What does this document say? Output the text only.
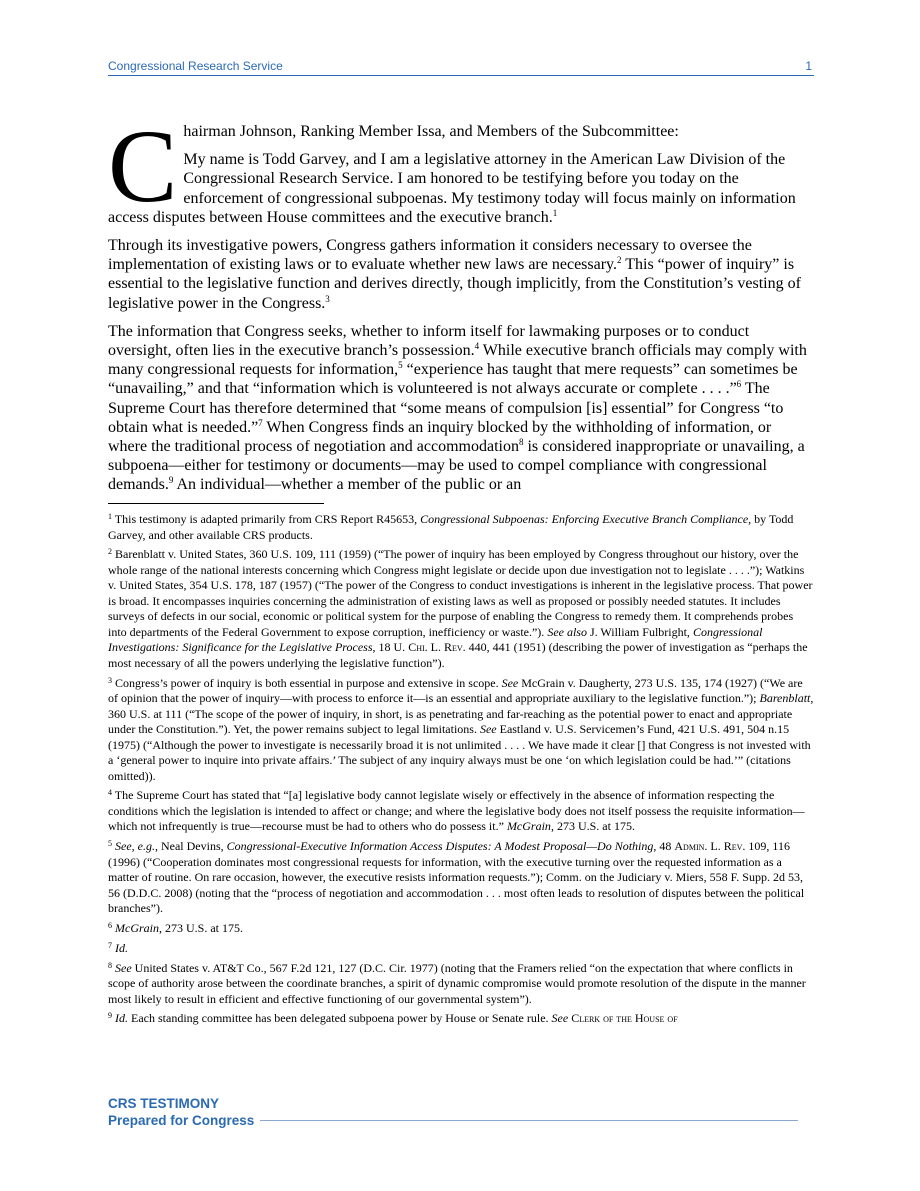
Congressional Research Service	1

Chairman Johnson, Ranking Member Issa, and Members of the Subcommittee:

My name is Todd Garvey, and I am a legislative attorney in the American Law Division of the Congressional Research Service. I am honored to be testifying before you today on the enforcement of congressional subpoenas. My testimony today will focus mainly on information access disputes between House committees and the executive branch.$^1$

Through its investigative powers, Congress gathers information it considers necessary to oversee the implementation of existing laws or to evaluate whether new laws are necessary.$^2$ This “power of inquiry” is essential to the legislative function and derives directly, though implicitly, from the Constitution’s vesting of legislative power in the Congress.$^3$

The information that Congress seeks, whether to inform itself for lawmaking purposes or to conduct oversight, often lies in the executive branch’s possession.$^4$ While executive branch officials may comply with many congressional requests for information,$^5$ “experience has taught that mere requests” can sometimes be “unavailing,” and that “information which is volunteered is not always accurate or complete . . . .”$^6$ The Supreme Court has therefore determined that “some means of compulsion [is] essential” for Congress “to obtain what is needed.”$^7$ When Congress finds an inquiry blocked by the withholding of information, or where the traditional process of negotiation and accommodation$^8$ is considered inappropriate or unavailing, a subpoena—either for testimony or documents—may be used to compel compliance with congressional demands.$^9$ An individual—whether a member of the public or an

$^1$ This testimony is adapted primarily from CRS Report R45653, Congressional Subpoenas: Enforcing Executive Branch Compliance, by Todd Garvey, and other available CRS products.

$^2$ Barenblatt v. United States, 360 U.S. 109, 111 (1959) (“The power of inquiry has been employed by Congress throughout our history, over the whole range of the national interests concerning which Congress might legislate or decide upon due investigation not to legislate . . . .”); Watkins v. United States, 354 U.S. 178, 187 (1957) (“The power of the Congress to conduct investigations is inherent in the legislative process. That power is broad. It encompasses inquiries concerning the administration of existing laws as well as proposed or possibly needed statutes. It includes surveys of defects in our social, economic or political system for the purpose of enabling the Congress to remedy them. It comprehends probes into departments of the Federal Government to expose corruption, inefficiency or waste.”). See also J. William Fulbright, Congressional Investigations: Significance for the Legislative Process, 18 U. Chi. L. Rev. 440, 441 (1951) (describing the power of investigation as “perhaps the most necessary of all the powers underlying the legislative function”).

$^3$ Congress’s power of inquiry is both essential in purpose and extensive in scope. See McGrain v. Daugherty, 273 U.S. 135, 174 (1927) (“We are of opinion that the power of inquiry—with process to enforce it—is an essential and appropriate auxiliary to the legislative function.”); Barenblatt, 360 U.S. at 111 (“The scope of the power of inquiry, in short, is as penetrating and far-reaching as the potential power to enact and appropriate under the Constitution.”). Yet, the power remains subject to legal limitations. See Eastland v. U.S. Servicemen’s Fund, 421 U.S. 491, 504 n.15 (1975) (“Although the power to investigate is necessarily broad it is not unlimited . . . . We have made it clear [] that Congress is not invested with a ‘general power to inquire into private affairs.’ The subject of any inquiry always must be one ‘on which legislation could be had.’” (citations omitted)).

$^4$ The Supreme Court has stated that “[a] legislative body cannot legislate wisely or effectively in the absence of information respecting the conditions which the legislation is intended to affect or change; and where the legislative body does not itself possess the requisite information—which not infrequently is true—recourse must be had to others who do possess it.” McGrain, 273 U.S. at 175.

$^5$ See, e.g., Neal Devins, Congressional-Executive Information Access Disputes: A Modest Proposal—Do Nothing, 48 Admin. L. Rev. 109, 116 (1996) (“Cooperation dominates most congressional requests for information, with the executive turning over the requested information as a matter of routine. On rare occasion, however, the executive resists information requests.”); Comm. on the Judiciary v. Miers, 558 F. Supp. 2d 53, 56 (D.D.C. 2008) (noting that the “process of negotiation and accommodation . . . most often leads to resolution of disputes between the political branches”).

$^6$ McGrain, 273 U.S. at 175.

$^7$ Id.

$^8$ See United States v. AT&T Co., 567 F.2d 121, 127 (D.C. Cir. 1977) (noting that the Framers relied “on the expectation that where conflicts in scope of authority arose between the coordinate branches, a spirit of dynamic compromise would promote resolution of the dispute in the manner most likely to result in efficient and effective functioning of our governmental system”).

$^9$ Id. Each standing committee has been delegated subpoena power by House or Senate rule. See Clerk of the House of

CRS TESTIMONY
Prepared for Congress
